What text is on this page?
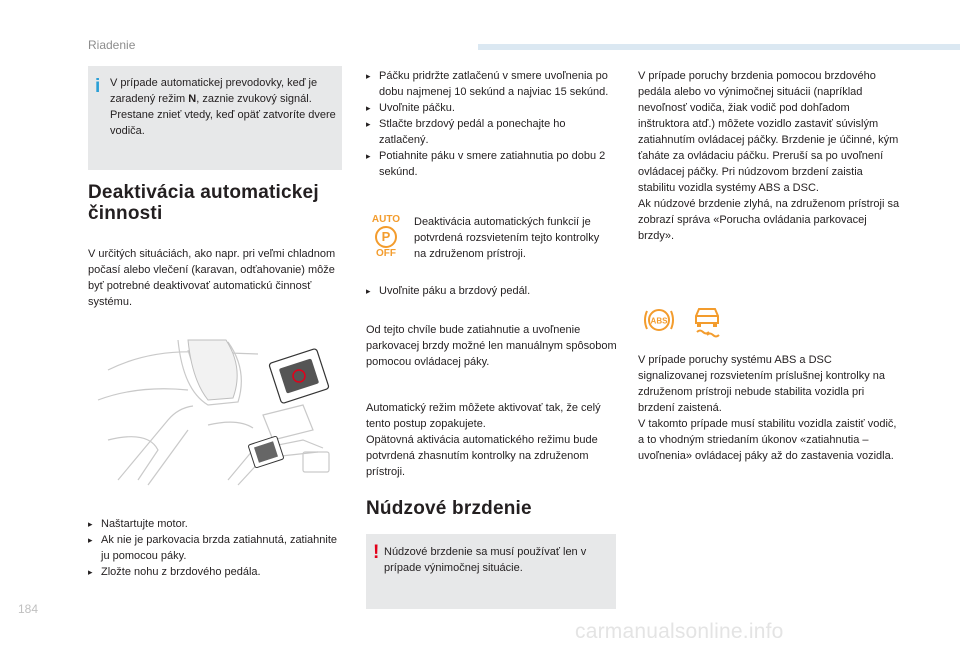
Riadenie
i V prípade automatickej prevodovky, keď je zaradený režim N, zaznie zvukový signál. Prestane znieť vtedy, keď opäť zatvoríte dvere vodiča.
Deaktivácia automatickej
činnosti
V určitých situáciách, ako napr. pri veľmi chladnom počasí alebo vlečení (karavan, odťahovanie) môže byť potrebné deaktivovať automatickú činnosť systému.
▸ Naštartujte motor.
▸ Ak nie je parkovacia brzda zatiahnutá, zatiahnite ju pomocou páky.
▸ Zložte nohu z brzdového pedála.
▸ Páčku pridržte zatlačenú v smere uvoľnenia po dobu najmenej 10 sekúnd a najviac 15 sekúnd.
▸ Uvoľnite páčku.
▸ Stlačte brzdový pedál a ponechajte ho zatlačený.
▸ Potiahnite páku v smere zatiahnutia po dobu 2 sekúnd.
AUTO
P
OFF
Deaktivácia automatických funkcií je potvrdená rozsvietením tejto kontrolky na združenom prístroji.
▸ Uvoľnite páku a brzdový pedál.
Od tejto chvíle bude zatiahnutie a uvoľnenie parkovacej brzdy možné len manuálnym spôsobom pomocou ovládacej páky.

Automatický režim môžete aktivovať tak, že celý tento postup zopakujete.

Opätovná aktivácia automatického režimu bude potvrdená zhasnutím kontrolky na združenom prístroji.

Núdzové brzdenie
! Núdzové brzdenie sa musí používať len v prípade výnimočnej situácie.

V prípade poruchy brzdenia pomocou brzdového pedála alebo vo výnimočnej situácii (napríklad nevoľnosť vodiča, žiak vodič pod dohľadom inštruktora atď.) môžete vozidlo zastaviť súvislým zatiahnutím ovládacej páčky. Brzdenie je účinné, kým ťaháte za ovládaciu páčku. Preruší sa po uvoľnení ovládacej páčky. Pri núdzovom brzdení zaistia stabilitu vozidla systémy ABS a DSC.

Ak núdzové brzdenie zlyhá, na združenom prístroji sa zobrazí správa «Porucha ovládania parkovacej brzdy».

ABS

V prípade poruchy systému ABS a DSC signalizovanej rozsvietením príslušnej kontrolky na združenom prístroji nebude stabilita vozidla pri brzdení zaistená.

V takomto prípade musí stabilitu vozidla zaistiť vodič, a to vhodným striedaním úkonov «zatiahnutia – uvoľnenia» ovládacej páky až do zastavenia vozidla.

184
carmanualsonline.info
